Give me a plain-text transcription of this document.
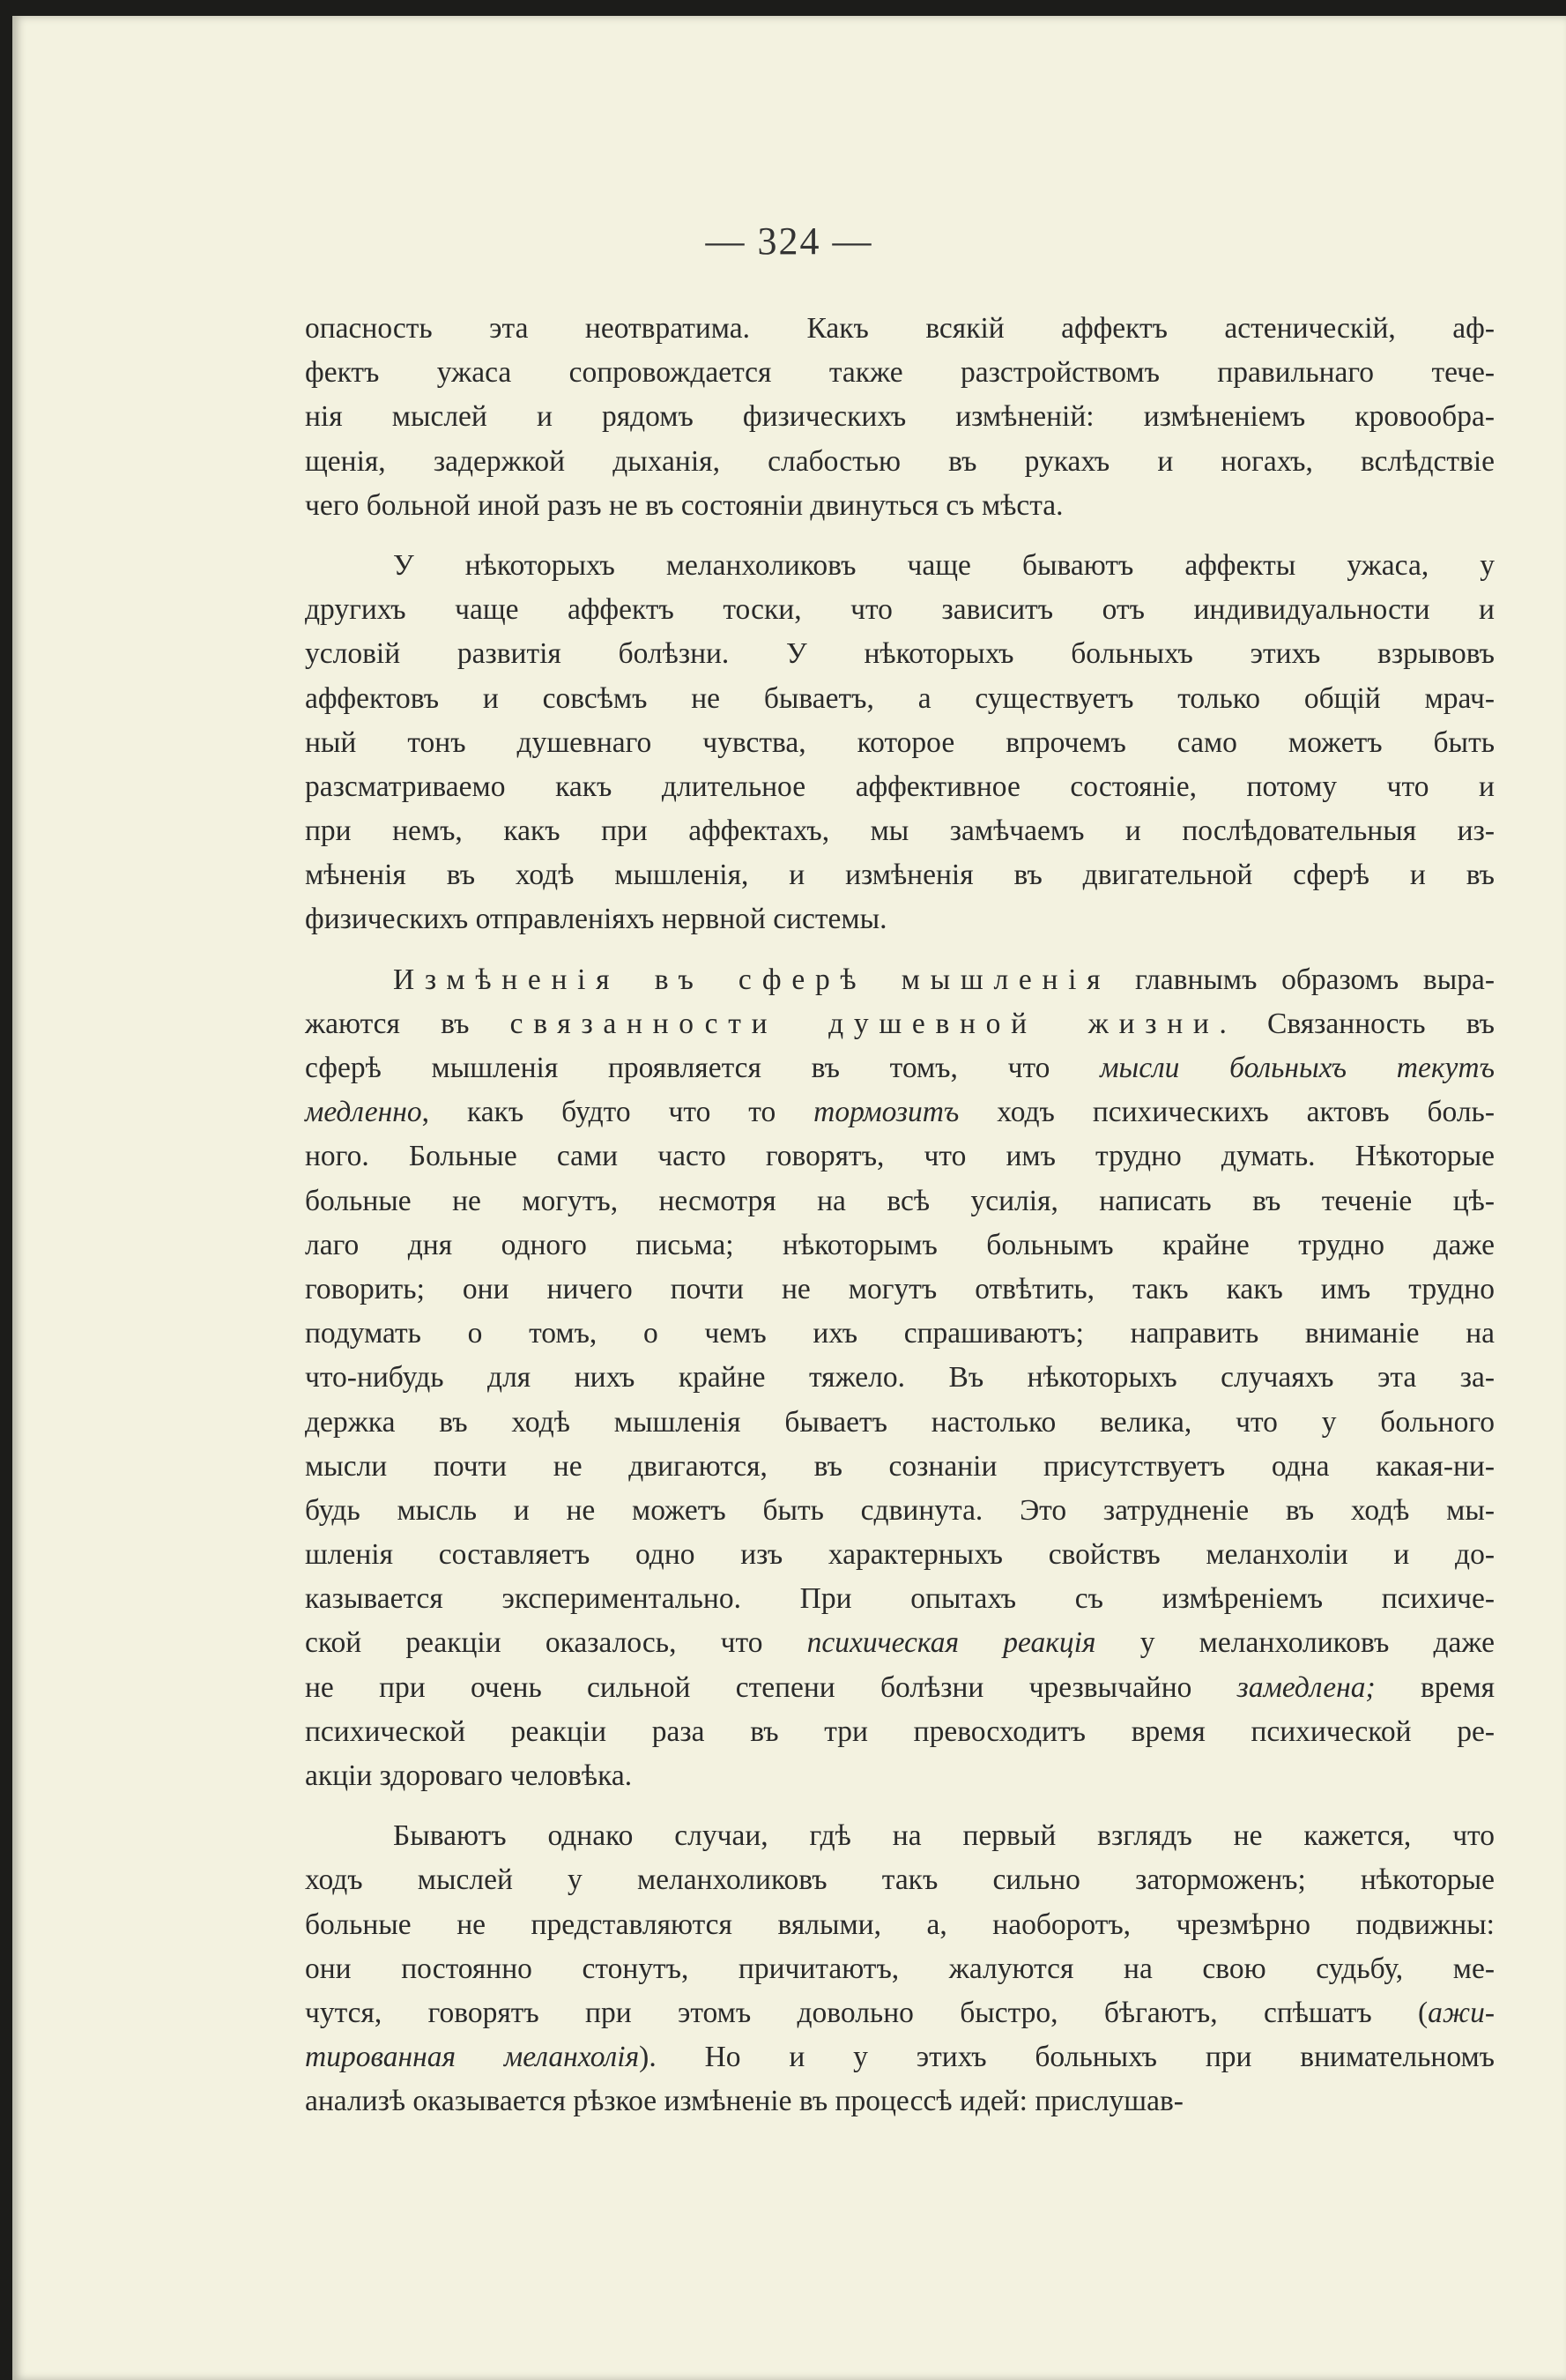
— 324 —
опасность эта неотвратима. Какъ всякій аффектъ астеническій, аф-
фектъ ужаса сопровождается также разстройствомъ правильнаго тече-
нія мыслей и рядомъ физическихъ измѣненій: измѣненіемъ кровообра-
щенія, задержкой дыханія, слабостью въ рукахъ и ногахъ, вслѣдствіе
чего больной иной разъ не въ состояніи двинуться съ мѣста.
У нѣкоторыхъ меланхоликовъ чаще бываютъ аффекты ужаса, у
другихъ чаще аффектъ тоски, что зависитъ отъ индивидуальности и
условій развитія болѣзни. У нѣкоторыхъ больныхъ этихъ взрывовъ
аффектовъ и совсѣмъ не бываетъ, а существуетъ только общій мрач-
ный тонъ душевнаго чувства, которое впрочемъ само можетъ быть
разсматриваемо какъ длительное аффективное состояніе, потому что и
при немъ, какъ при аффектахъ, мы замѣчаемъ и послѣдовательныя из-
мѣненія въ ходѣ мышленія, и измѣненія въ двигательной сферѣ и въ
физическихъ отправленіяхъ нервной системы.
Измѣненія въ сферѣ мышленія главнымъ образомъ выра-
жаются въ связанности душевной жизни. Связанность въ
сферѣ мышленія проявляется въ томъ, что мысли больныхъ текутъ
медленно, какъ будто что то тормозитъ ходъ психическихъ актовъ боль-
ного. Больные сами часто говорятъ, что имъ трудно думать. Нѣкоторые
больные не могутъ, несмотря на всѣ усилія, написать въ теченіе цѣ-
лаго дня одного письма; нѣкоторымъ больнымъ крайне трудно даже
говорить; они ничего почти не могутъ отвѣтить, такъ какъ имъ трудно
подумать о томъ, о чемъ ихъ спрашиваютъ; направить вниманіе на
что-нибудь для нихъ крайне тяжело. Въ нѣкоторыхъ случаяхъ эта за-
держка въ ходѣ мышленія бываетъ настолько велика, что у больного
мысли почти не двигаются, въ сознаніи присутствуетъ одна какая-ни-
будь мысль и не можетъ быть сдвинута. Это затрудненіе въ ходѣ мы-
шленія составляетъ одно изъ характерныхъ свойствъ меланхоліи и до-
казывается экспериментально. При опытахъ съ измѣреніемъ психиче-
ской реакціи оказалось, что психическая реакція у меланхоликовъ даже
не при очень сильной степени болѣзни чрезвычайно замедлена; время
психической реакціи раза въ три превосходитъ время психической ре-
акціи здороваго человѣка.
Бываютъ однако случаи, гдѣ на первый взглядъ не кажется, что
ходъ мыслей у меланхоликовъ такъ сильно заторможенъ; нѣкоторые
больные не представляются вялыми, а, наоборотъ, чрезмѣрно подвижны:
они постоянно стонутъ, причитаютъ, жалуются на свою судьбу, ме-
чутся, говорятъ при этомъ довольно быстро, бѣгаютъ, спѣшатъ (ажи-
тированная меланхолія). Но и у этихъ больныхъ при внимательномъ
анализѣ оказывается рѣзкое измѣненіе въ процессѣ идей: прислушав-
